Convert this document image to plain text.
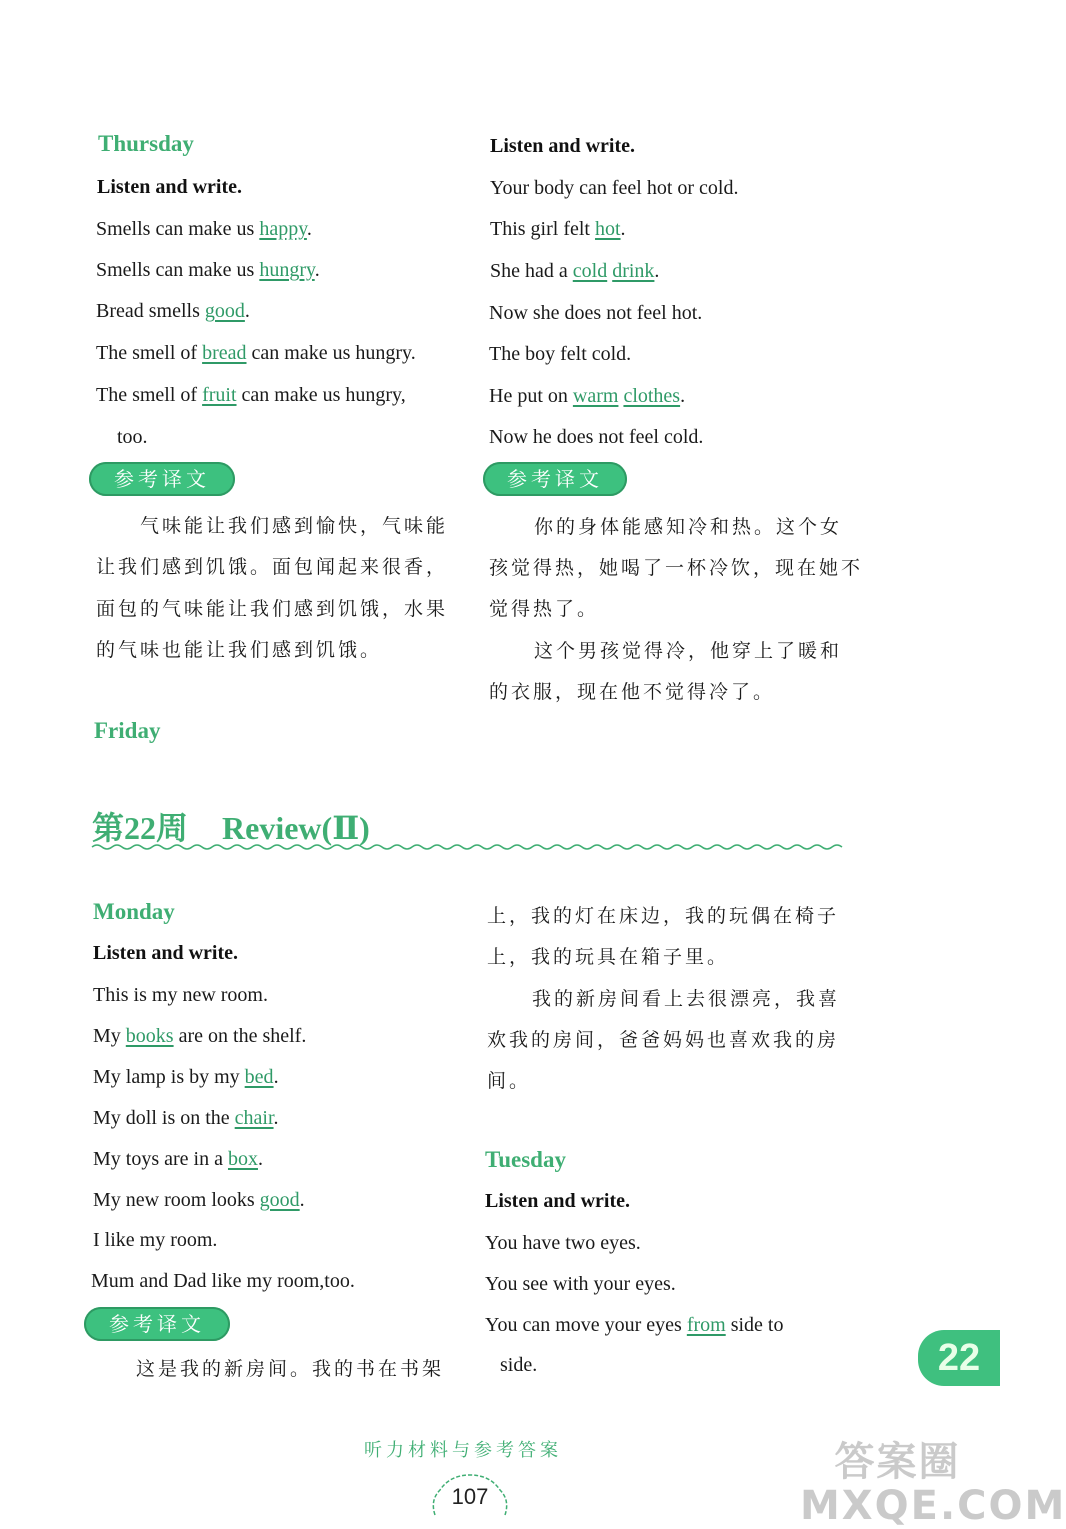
Thursday
Listen and write.
Smells can make us happy.
Smells can make us hungry.
Bread smells good.
The smell of bread can make us hungry.
The smell of fruit can make us hungry,
too.
参考译文
气味能让我们感到愉快，气味能
让我们感到饥饿。面包闻起来很香，
面包的气味能让我们感到饥饿，水果
的气味也能让我们感到饥饿。
Listen and write.
Your body can feel hot or cold.
This girl felt hot.
She had a cold drink.
Now she does not feel hot.
The boy felt cold.
He put on warm clothes.
Now he does not feel cold.
参考译文
你的身体能感知冷和热。这个女
孩觉得热，她喝了一杯冷饮，现在她不
觉得热了。
这个男孩觉得冷，他穿上了暖和
的衣服，现在他不觉得冷了。
Friday
第22周 Review(Ⅱ)
Monday
Listen and write.
This is my new room.
My books are on the shelf.
My lamp is by my bed.
My doll is on the chair.
My toys are in a box.
My new room looks good.
I like my room.
Mum and Dad like my room,too.
参考译文
这是我的新房间。我的书在书架
上，我的灯在床边，我的玩偶在椅子
上，我的玩具在箱子里。
我的新房间看上去很漂亮，我喜
欢我的房间，爸爸妈妈也喜欢我的房
间。
Tuesday
Listen and write.
You have two eyes.
You see with your eyes.
You can move your eyes from side to
side.	22
听力材料与参考答案
107
答案圈 MXQE.COM
